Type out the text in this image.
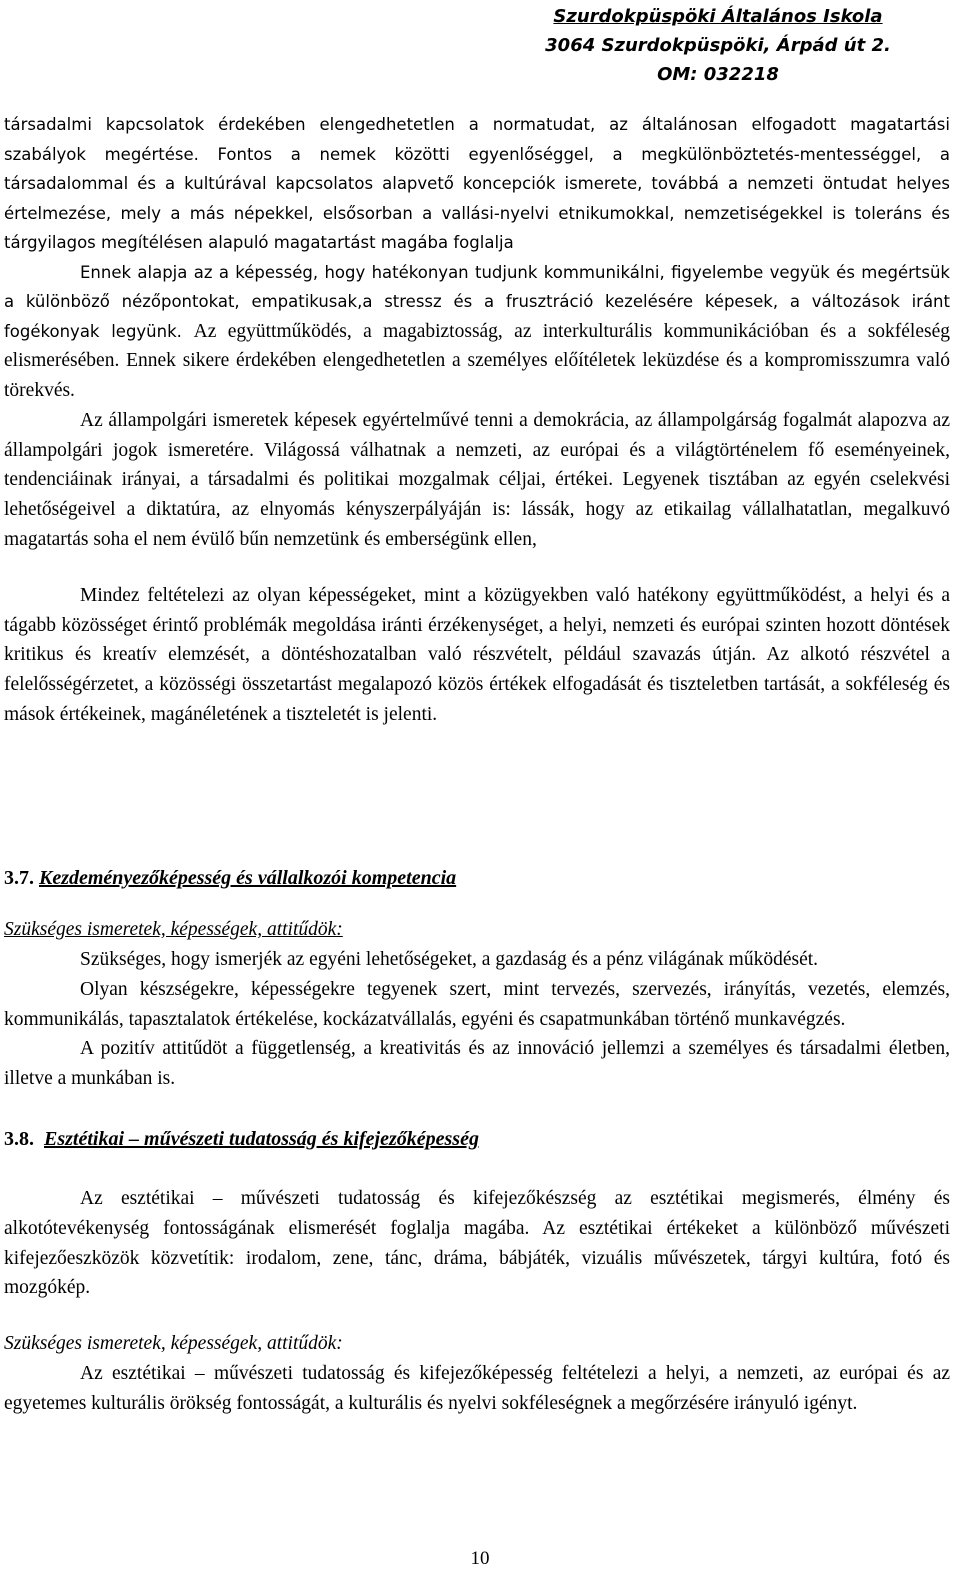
Szurdokpüspöki Általános Iskola
3064 Szurdokpüspöki, Árpád út 2.
OM: 032218

társadalmi kapcsolatok érdekében elengedhetetlen a normatudat, az általánosan elfogadott magatartási szabályok megértése. Fontos a nemek közötti egyenlőséggel, a megkülönböztetés-mentességgel, a társadalommal és a kultúrával kapcsolatos alapvető koncepciók ismerete, továbbá a nemzeti öntudat helyes értelmezése, mely a más népekkel, elsősorban a vallási-nyelvi etnikumokkal, nemzetiségekkel is toleráns és tárgyilagos megítélésen alapuló magatartást magába foglalja

Ennek alapja az a képesség, hogy hatékonyan tudjunk kommunikálni, figyelembe vegyük és megértsük a különböző nézőpontokat, empatikusak,a stressz és a frusztráció kezelésére képesek, a változások iránt fogékonyak legyünk. Az együttműködés, a magabiztosság, az interkulturális kommunikációban és a sokféleség elismerésében. Ennek sikere érdekében elengedhetetlen a személyes előítéletek leküzdése és a kompromisszumra való törekvés.

Az állampolgári ismeretek képesek egyértelművé tenni a demokrácia, az állampolgárság fogalmát alapozva az állampolgári jogok ismeretére. Világossá válhatnak a nemzeti, az európai és a világtörténelem fő eseményeinek, tendenciáinak irányai, a társadalmi és politikai mozgalmak céljai, értékei. Legyenek tisztában az egyén cselekvési lehetőségeivel a diktatúra, az elnyomás kényszerpályáján is: lássák, hogy az etikailag vállalhatatlan, megalkuvó magatartás soha el nem évülő bűn nemzetünk és emberségünk ellen,

Mindez feltételezi az olyan képességeket, mint a közügyekben való hatékony együttműködést, a helyi és a tágabb közösséget érintő problémák megoldása iránti érzékenységet, a helyi, nemzeti és európai szinten hozott döntések kritikus és kreatív elemzését, a döntéshozatalban való részvételt, például szavazás útján. Az alkotó részvétel a felelősségérzetet, a közösségi összetartást megalapozó közös értékek elfogadását és tiszteletben tartását, a sokféleség és mások értékeinek, magánéletének a tiszteletét is jelenti.

3.7. Kezdeményezőképesség és vállalkozói kompetencia
Szükséges ismeretek, képességek, attitűdök:

Szükséges, hogy ismerjék az egyéni lehetőségeket, a gazdaság és a pénz világának működését.

Olyan készségekre, képességekre tegyenek szert, mint tervezés, szervezés, irányítás, vezetés, elemzés, kommunikálás, tapasztalatok értékelése, kockázatvállalás, egyéni és csapatmunkában történő munkavégzés.

A pozitív attitűdöt a függetlenség, a kreativitás és az innováció jellemzi a személyes és társadalmi életben, illetve a munkában is.

3.8. Esztétikai – művészeti tudatosság és kifejezőképesség

Az esztétikai – művészeti tudatosság és kifejezőkészség az esztétikai megismerés, élmény és alkotótevékenység fontosságának elismerését foglalja magába. Az esztétikai értékeket a különböző művészeti kifejezőeszközök közvetítik: irodalom, zene, tánc, dráma, bábjáték, vizuális művészetek, tárgyi kultúra, fotó és mozgókép.

Szükséges ismeretek, képességek, attitűdök:

Az esztétikai – művészeti tudatosság és kifejezőképesség feltételezi a helyi, a nemzeti, az európai és az egyetemes kulturális örökség fontosságát, a kulturális és nyelvi sokféleségnek a megőrzésére irányuló igényt.

10
